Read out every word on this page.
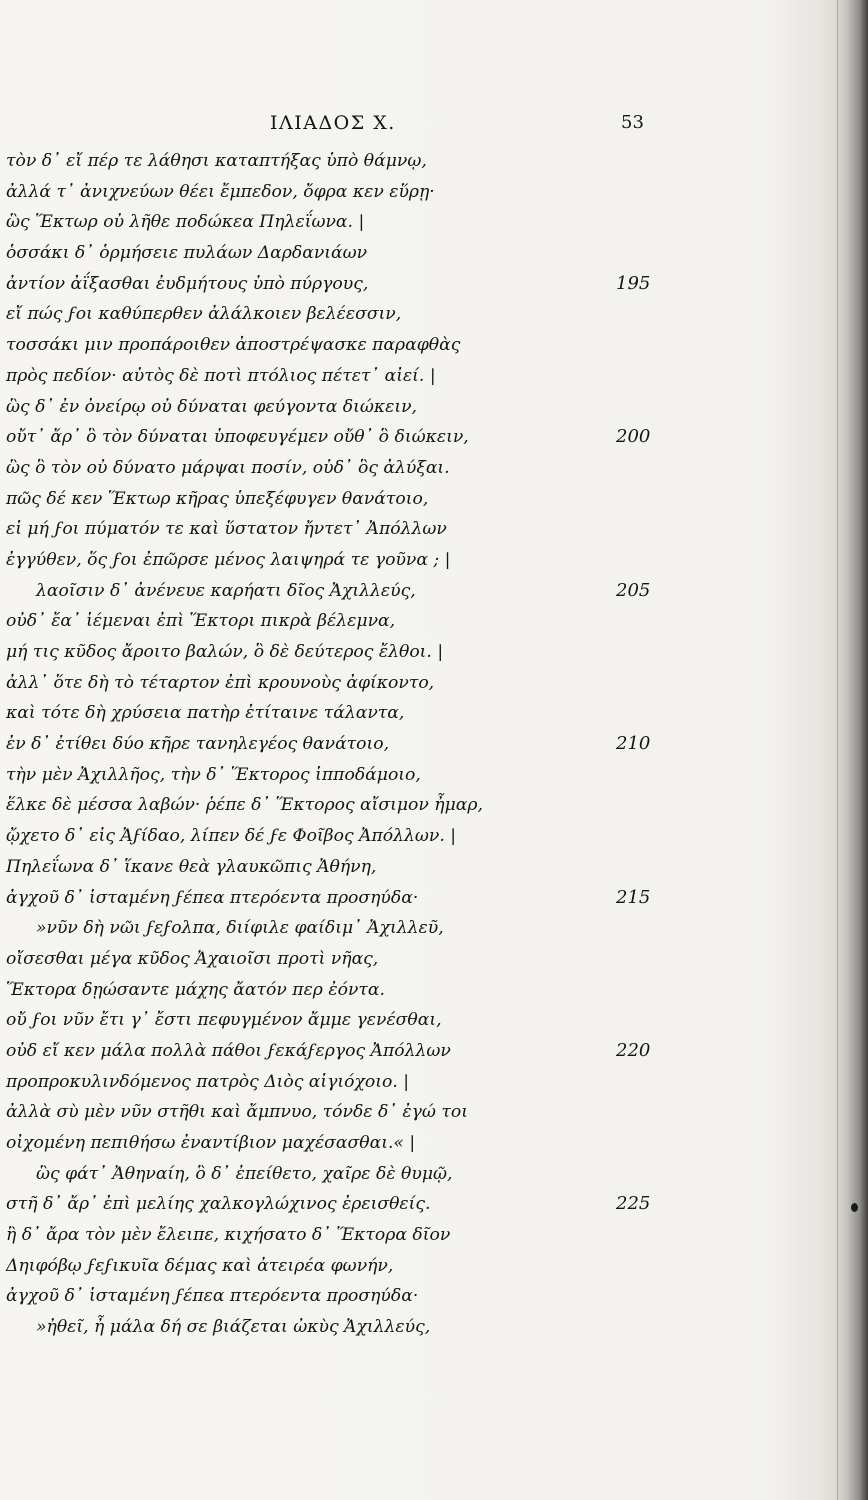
ΙΛΙΑΔΟΣ Χ.	53
τὸν δ᾿ εἴ πέρ τε λάθησι καταπτήξας ὑπὸ θάμνῳ,
ἀλλά τ᾿ ἀνιχνεύων θέει ἔμπεδον, ὄφρα κεν εὕρῃ·
ὣς Ἕκτωρ οὐ λῆθε ποδώκεα Πηλεΐωνα. |
ὁσσάκι δ᾿ ὁρμήσειε πυλάων Δαρδανιάων
ἀντίον ἀΐξασθαι ἐυδμήτους ὑπὸ πύργους,	195
εἴ πώς ϝοι καθύπερθεν ἀλάλκοιεν βελέεσσιν,
τοσσάκι μιν προπάροιθεν ἀποστρέψασκε παραφθὰς
πρὸς πεδίον· αὐτὸς δὲ ποτὶ πτόλιος πέτετ᾿ αἰεί. |
ὣς δ᾿ ἐν ὀνείρῳ οὐ δύναται φεύγοντα διώκειν,
οὔτ᾿ ἄρ᾿ ὃ τὸν δύναται ὑποφευγέμεν οὔθ᾿ ὃ διώκειν,	200
ὣς ὃ τὸν οὐ δύνατο μάρψαι ποσίν, οὐδ᾿ ὃς ἀλύξαι.
πῶς δέ κεν Ἕκτωρ κῆρας ὑπεξέφυγεν θανάτοιο,
εἰ μή ϝοι πύματόν τε καὶ ὕστατον ἤντετ᾿ Ἀπόλλων
ἐγγύθεν, ὅς ϝοι ἐπῶρσε μένος λαιψηρά τε γοῦνα ; |
λαοῖσιν δ᾿ ἀνένευε καρήατι δῖος Ἀχιλλεύς,	205
οὐδ᾿ ἔα᾿ ἱέμεναι ἐπὶ Ἕκτορι πικρὰ βέλεμνα,
μή τις κῦδος ἄροιτο βαλών, ὃ δὲ δεύτερος ἔλθοι. |
ἀλλ᾿ ὅτε δὴ τὸ τέταρτον ἐπὶ κρουνοὺς ἀφίκοντο,
καὶ τότε δὴ χρύσεια πατὴρ ἐτίταινε τάλαντα,
ἐν δ᾿ ἐτίθει δύο κῆρε τανηλεγέος θανάτοιο,	210
τὴν μὲν Ἀχιλλῆος, τὴν δ᾿ Ἕκτορος ἱπποδάμοιο,
ἕλκε δὲ μέσσα λαβών· ῥέπε δ᾿ Ἕκτορος αἴσιμον ἦμαρ,
ᾤχετο δ᾿ εἰς Ἀϝίδαο, λίπεν δέ ϝε Φοῖβος Ἀπόλλων. |
Πηλεΐωνα δ᾿ ἵκανε θεὰ γλαυκῶπις Ἀθήνη,
ἀγχοῦ δ᾿ ἱσταμένη ϝέπεα πτερόεντα προσηύδα·	215
»νῦν δὴ νῶι ϝεϝολπα, διίφιλε φαίδιμ᾿ Ἀχιλλεῦ,
οἴσεσθαι μέγα κῦδος Ἀχαιοῖσι προτὶ νῆας,
Ἕκτορα δῃώσαντε μάχης ἄατόν περ ἐόντα.
οὔ ϝοι νῦν ἔτι γ᾿ ἔστι πεφυγμένον ἄμμε γενέσθαι,
οὐδ εἴ κεν μάλα πολλὰ πάθοι ϝεκάϝεργος Ἀπόλλων	220
προπροκυλινδόμενος πατρὸς Διὸς αἰγιόχοιο. |
ἀλλὰ σὺ μὲν νῦν στῆθι καὶ ἄμπνυο, τόνδε δ᾿ ἐγώ τοι
οἰχομένη πεπιθήσω ἐναντίβιον μαχέσασθαι.« |
ὣς φάτ᾿ Ἀθηναίη, ὃ δ᾿ ἐπείθετο, χαῖρε δὲ θυμῷ,
στῆ δ᾿ ἄρ᾿ ἐπὶ μελίης χαλκογλώχινος ἐρεισθείς.	225
ἣ δ᾿ ἄρα τὸν μὲν ἔλειπε, κιχήσατο δ᾿ Ἕκτορα δῖον
Δηιφόβῳ ϝεϝικυῖα δέμας καὶ ἀτειρέα φωνήν,
ἀγχοῦ δ᾿ ἱσταμένη ϝέπεα πτερόεντα προσηύδα·
»ἠθεῖ, ἦ μάλα δή σε βιάζεται ὠκὺς Ἀχιλλεύς,
